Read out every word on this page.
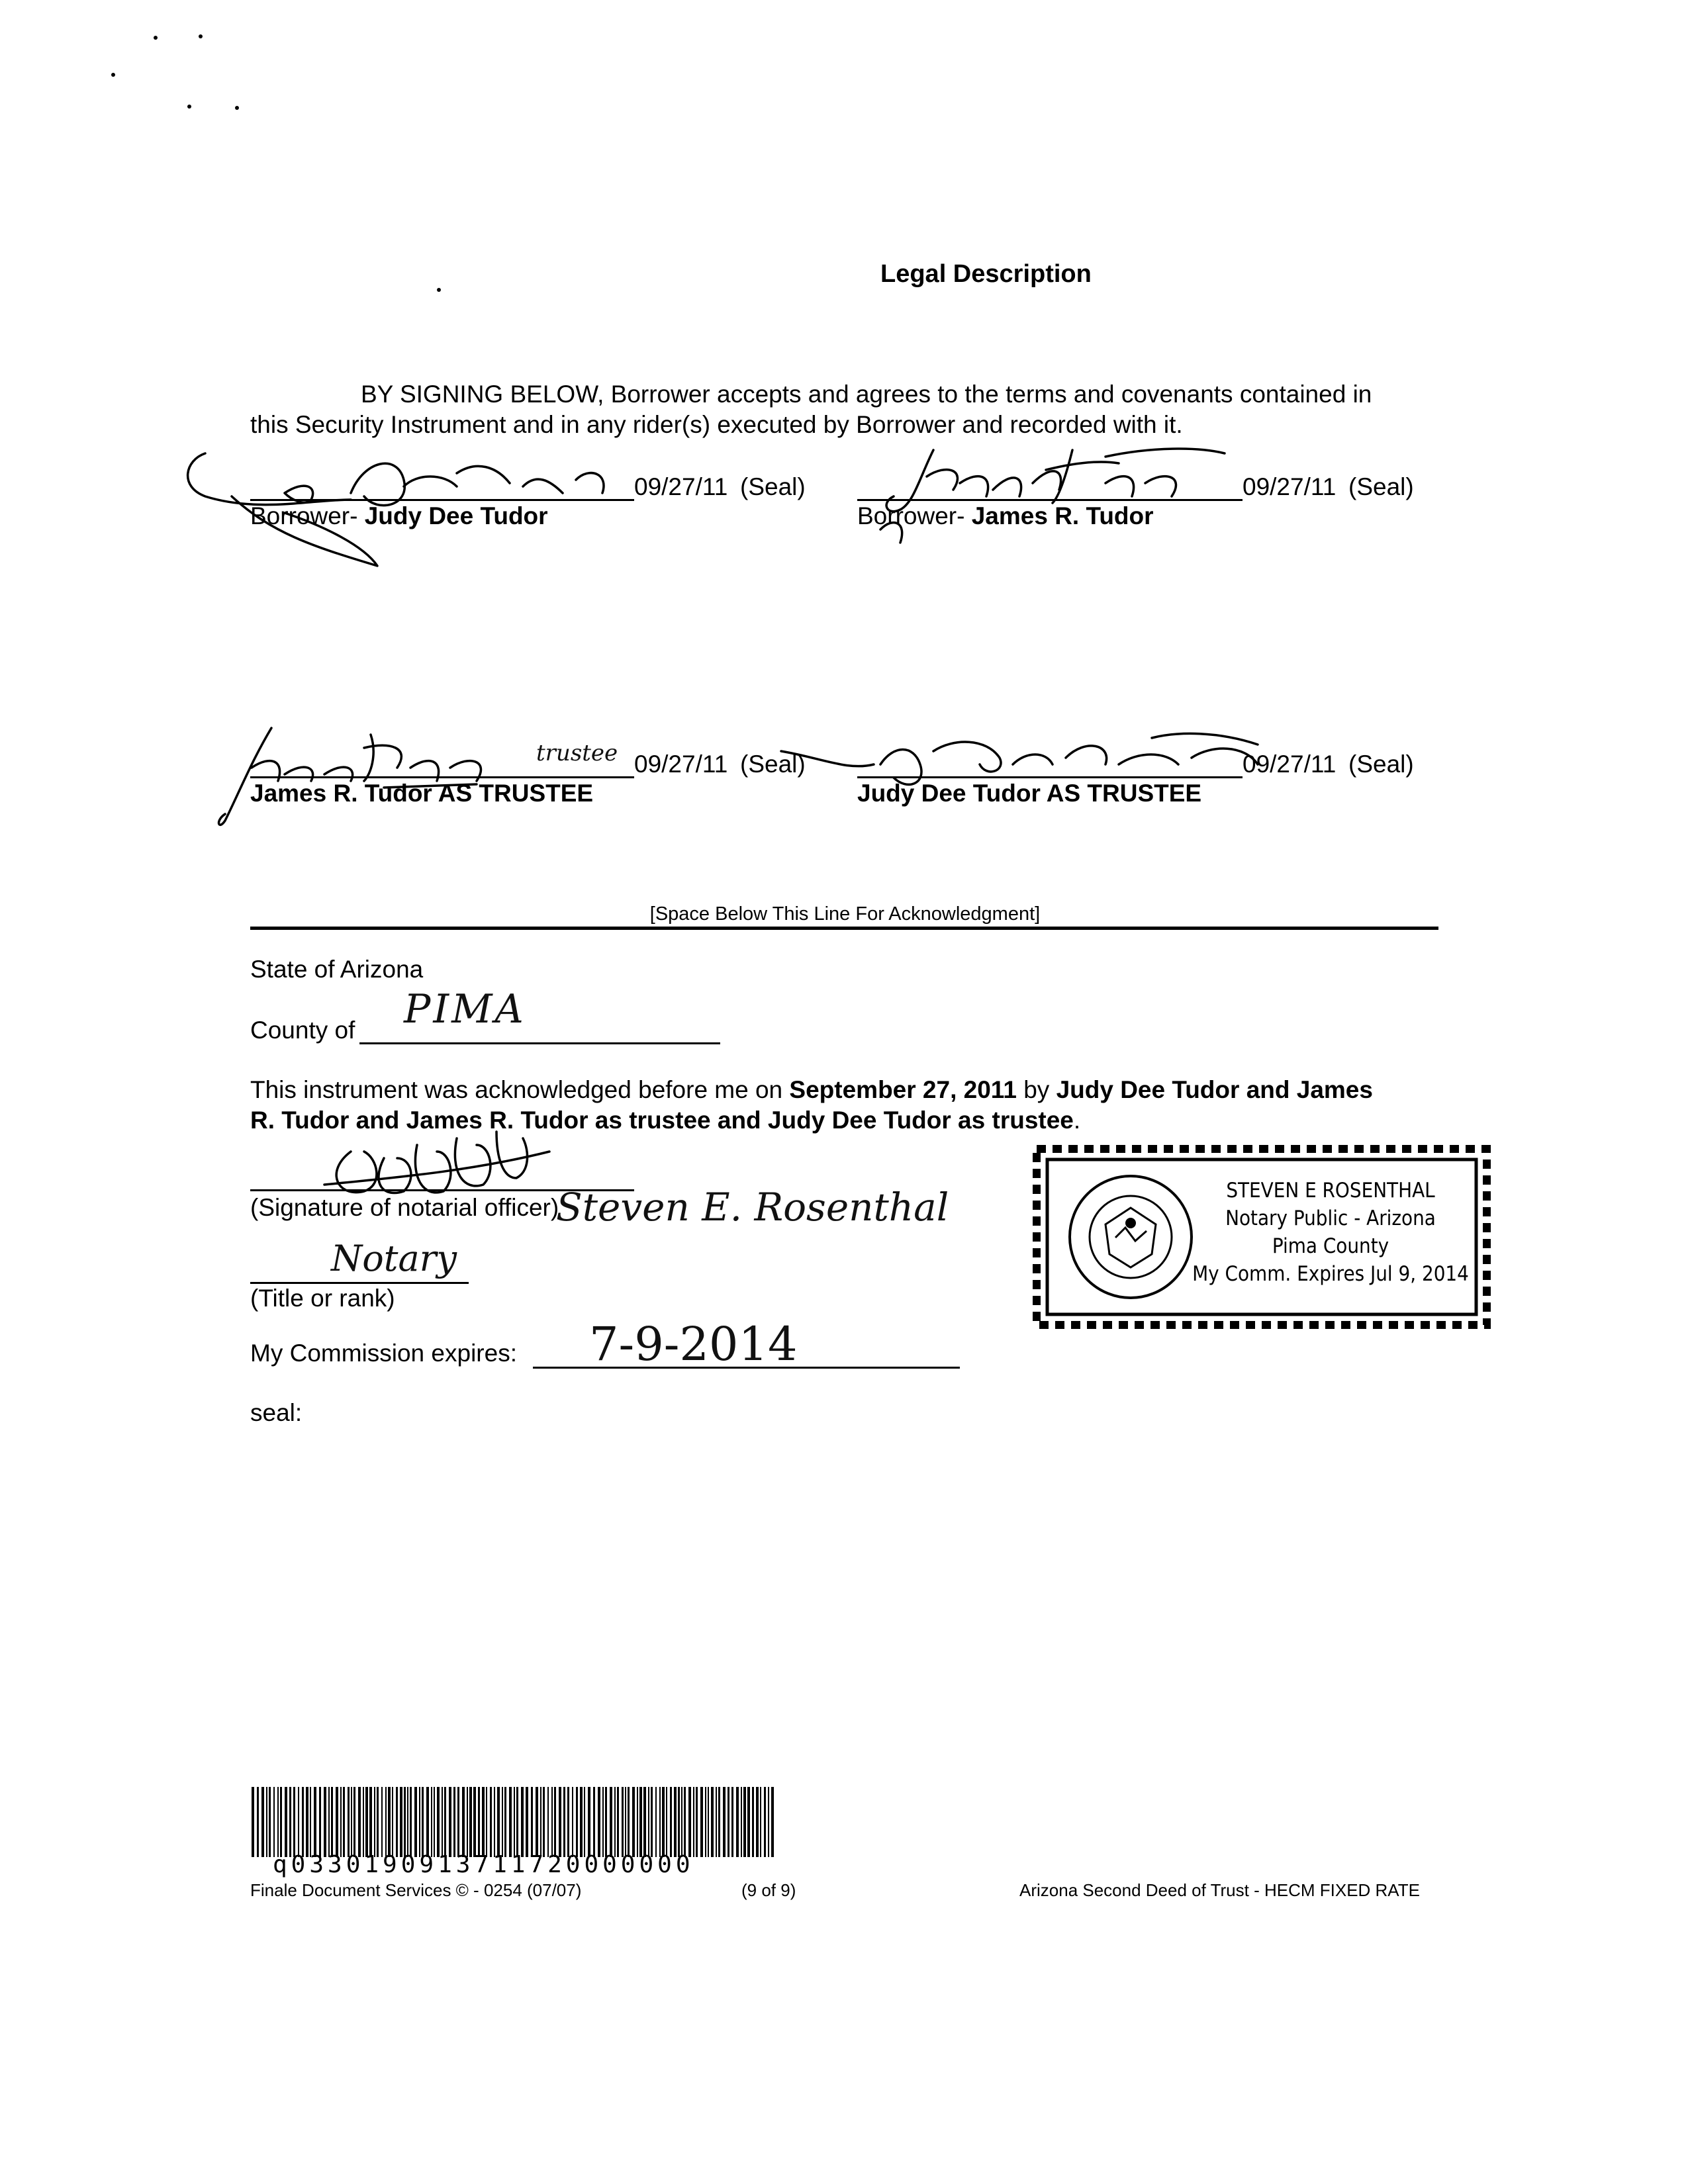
Legal Description
BY SIGNING BELOW, Borrower accepts and agrees to the terms and covenants contained in
this Security Instrument and in any rider(s) executed by Borrower and recorded with it.
09/27/11 (Seal)
Borrower- Judy Dee Tudor
09/27/11 (Seal)
Borrower- James R. Tudor
trustee 09/27/11 (Seal)
James R. Tudor AS TRUSTEE
09/27/11 (Seal)
Judy Dee Tudor AS TRUSTEE
[Space Below This Line For Acknowledgment]
State of Arizona
County of PIMA
This instrument was acknowledged before me on September 27, 2011 by Judy Dee Tudor and James
R. Tudor and James R. Tudor as trustee and Judy Dee Tudor as trustee.
(Signature of notarial officer)
Steven E. Rosenthal
Notary
(Title or rank)
My Commission expires: 7-9-2014
seal:
STEVEN E ROSENTHAL
Notary Public - Arizona
Pima County
My Comm. Expires Jul 9, 2014
q0330190913711720000000
Finale Document Services © - 0254 (07/07)	(9 of 9)	Arizona Second Deed of Trust - HECM FIXED RATE
